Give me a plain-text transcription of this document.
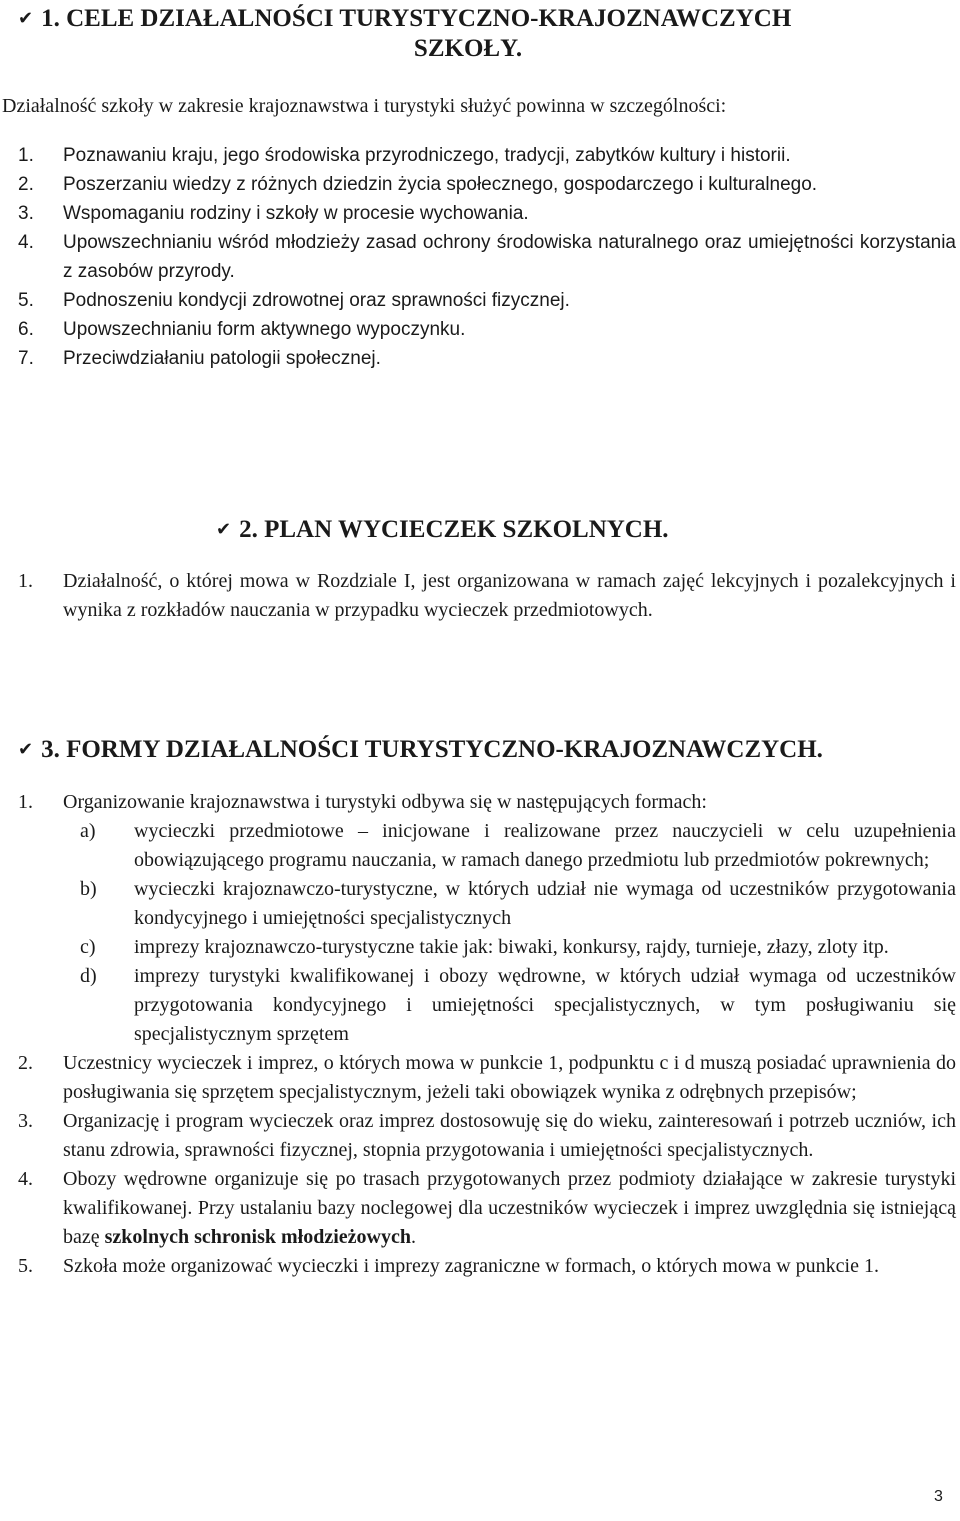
✔ 1. CELE DZIAŁALNOŚCI TURYSTYCZNO-KRAJOZNAWCZYCH
SZKOŁY.

Działalność szkoły w zakresie krajoznawstwa i turystyki służyć powinna w szczególności:

1. Poznawaniu kraju, jego środowiska przyrodniczego, tradycji, zabytków kultury i historii.
2. Poszerzaniu wiedzy z różnych dziedzin życia społecznego, gospodarczego i kulturalnego.
3. Wspomaganiu rodziny i szkoły w procesie wychowania.
4. Upowszechnianiu wśród młodzieży zasad ochrony środowiska naturalnego oraz umiejętności korzystania z zasobów przyrody.
5. Podnoszeniu kondycji zdrowotnej oraz sprawności fizycznej.
6. Upowszechnianiu form aktywnego wypoczynku.
7. Przeciwdziałaniu patologii społecznej.
✔ 2. PLAN WYCIECZEK SZKOLNYCH.
1. Działalność, o której mowa w Rozdziale I, jest organizowana w ramach zajęć lekcyjnych i pozalekcyjnych i wynika z rozkładów nauczania w przypadku wycieczek przedmiotowych.
✔ 3. FORMY DZIAŁALNOŚCI TURYSTYCZNO-KRAJOZNAWCZYCH.
1. Organizowanie krajoznawstwa i turystyki odbywa się w następujących formach:
a) wycieczki przedmiotowe – inicjowane i realizowane przez nauczycieli w celu uzupełnienia obowiązującego programu nauczania, w ramach danego przedmiotu lub przedmiotów pokrewnych;
b) wycieczki krajoznawczo-turystyczne, w których udział nie wymaga od uczestników przygotowania kondycyjnego i umiejętności specjalistycznych
c) imprezy krajoznawczo-turystyczne takie jak: biwaki, konkursy, rajdy, turnieje, złazy, zloty itp.
d) imprezy turystyki kwalifikowanej i obozy wędrowne, w których udział wymaga od uczestników przygotowania kondycyjnego i umiejętności specjalistycznych, w tym posługiwaniu się specjalistycznym sprzętem
2. Uczestnicy wycieczek i imprez, o których mowa w punkcie 1, podpunktu c i d muszą posiadać uprawnienia do posługiwania się sprzętem specjalistycznym, jeżeli taki obowiązek wynika z odrębnych przepisów;
3. Organizację i program wycieczek oraz imprez dostosowuję się do wieku, zainteresowań i potrzeb uczniów, ich stanu zdrowia, sprawności fizycznej, stopnia przygotowania i umiejętności specjalistycznych.
4. Obozy wędrowne organizuje się po trasach przygotowanych przez podmioty działające w zakresie turystyki kwalifikowanej. Przy ustalaniu bazy noclegowej dla uczestników wycieczek i imprez uwzględnia się istniejącą bazę szkolnych schronisk młodzieżowych.
5. Szkoła może organizować wycieczki i imprezy zagraniczne w formach, o których mowa w punkcie 1.
3
